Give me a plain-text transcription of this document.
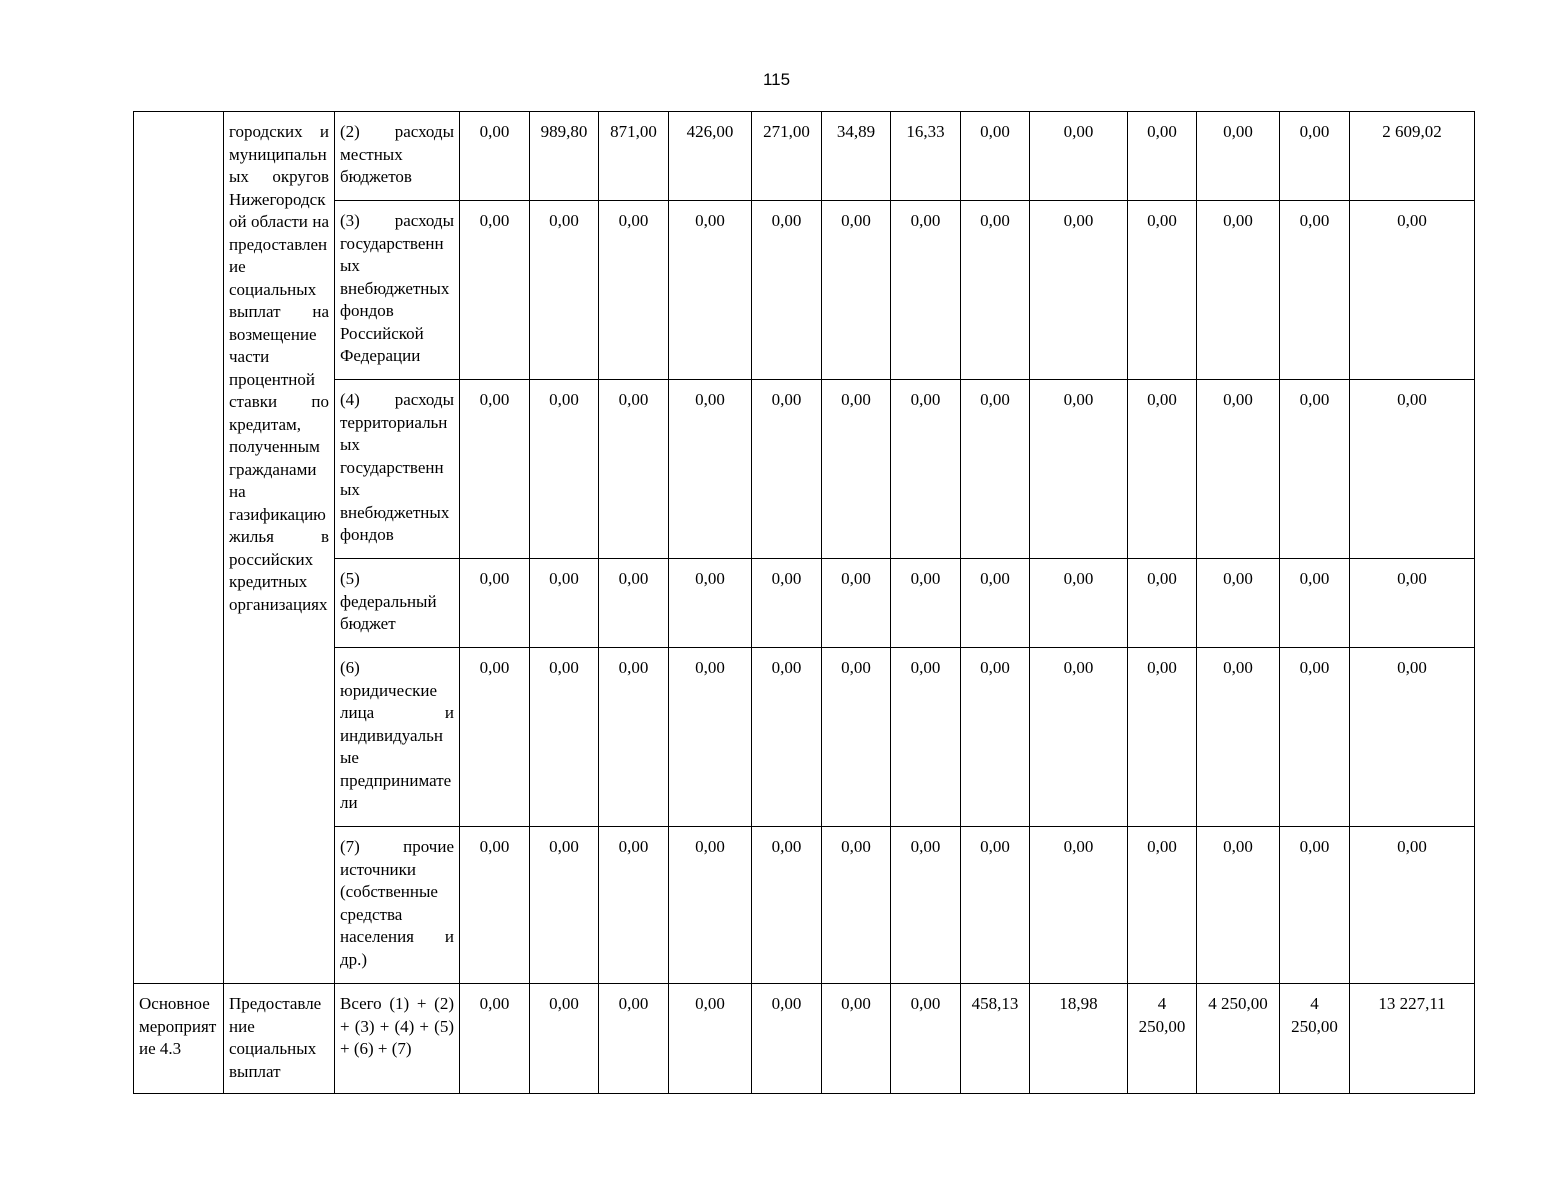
115
	городских и муниципальных округов Нижегородской области на предоставление социальных выплат на возмещение части процентной ставки по кредитам, полученным гражданами на газификацию жилья в российских кредитных организациях	(2) расходы местных бюджетов	0,00	989,80	871,00	426,00	271,00	34,89	16,33	0,00	0,00	0,00	0,00	0,00	2 609,02
		(3) расходы государственных внебюджетных фондов Российской Федерации	0,00	0,00	0,00	0,00	0,00	0,00	0,00	0,00	0,00	0,00	0,00	0,00	0,00
		(4) расходы территориальных государственных внебюджетных фондов	0,00	0,00	0,00	0,00	0,00	0,00	0,00	0,00	0,00	0,00	0,00	0,00	0,00
		(5) федеральный бюджет	0,00	0,00	0,00	0,00	0,00	0,00	0,00	0,00	0,00	0,00	0,00	0,00	0,00
		(6) юридические лица и индивидуальные предприниматели	0,00	0,00	0,00	0,00	0,00	0,00	0,00	0,00	0,00	0,00	0,00	0,00	0,00
		(7) прочие источники (собственные средства населения и др.)	0,00	0,00	0,00	0,00	0,00	0,00	0,00	0,00	0,00	0,00	0,00	0,00	0,00
Основное мероприятие 4.3	Предоставление социальных выплат	Всего (1) + (2) + (3) + (4) + (5) + (6) + (7)	0,00	0,00	0,00	0,00	0,00	0,00	0,00	458,13	18,98	4 250,00	4 250,00	4 250,00	13 227,11
